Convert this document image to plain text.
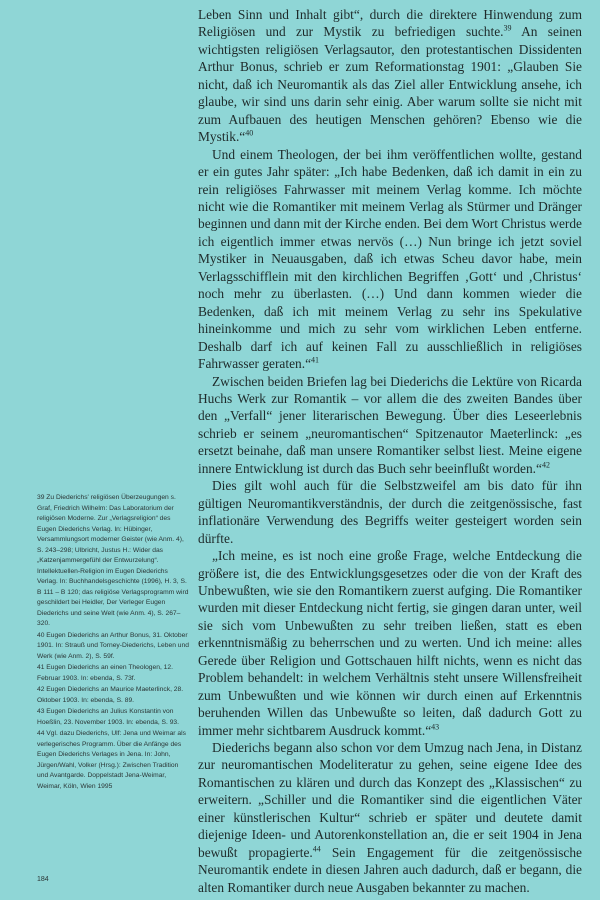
Leben Sinn und Inhalt gibt“, durch die direktere Hinwendung zum Religiösen und zur Mystik zu befriedigen suchte.$^{39}$ An seinen wichtigsten religiösen Verlagsautor, den protestantischen Dissidenten Arthur Bonus, schrieb er zum Reformationstag 1901: „Glauben Sie nicht, daß ich Neuromantik als das Ziel aller Entwicklung ansehe, ich glaube, wir sind uns darin sehr einig. Aber warum sollte sie nicht mit zum Aufbauen des heutigen Menschen gehören? Ebenso wie die Mystik.“$^{40}$

Und einem Theologen, der bei ihm veröffentlichen wollte, gestand er ein gutes Jahr später: „Ich habe Bedenken, daß ich damit in ein zu rein religiöses Fahrwasser mit meinem Verlag komme. Ich möchte nicht wie die Romantiker mit meinem Verlag als Stürmer und Dränger beginnen und dann mit der Kirche enden. Bei dem Wort Christus werde ich eigentlich immer etwas nervös (…) Nun bringe ich jetzt soviel Mystiker in Neuausgaben, daß ich etwas Scheu davor habe, mein Verlagsschifflein mit den kirchlichen Begriffen ‚Gott‘ und ‚Christus‘ noch mehr zu überlasten. (…) Und dann kommen wieder die Bedenken, daß ich mit meinem Verlag zu sehr ins Spekulative hineinkomme und mich zu sehr vom wirklichen Leben entferne. Deshalb darf ich auf keinen Fall zu ausschließlich in religiöses Fahrwasser geraten.“$^{41}$

Zwischen beiden Briefen lag bei Diederichs die Lektüre von Ricarda Huchs Werk zur Romantik – vor allem die des zweiten Bandes über den „Verfall“ jener literarischen Bewegung. Über dies Leseerlebnis schrieb er seinem „neuromantischen“ Spitzenautor Maeterlinck: „es ersetzt beinahe, daß man unsere Romantiker selbst liest. Meine eigene innere Entwicklung ist durch das Buch sehr beeinflußt worden.“$^{42}$

Dies gilt wohl auch für die Selbstzweifel am bis dato für ihn gültigen Neuromantikverständnis, der durch die zeitgenössische, fast inflationäre Verwendung des Begriffs weiter gesteigert worden sein dürfte.

„Ich meine, es ist noch eine große Frage, welche Entdeckung die größere ist, die des Entwicklungsgesetzes oder die von der Kraft des Unbewußten, wie sie den Romantikern zuerst aufging. Die Romantiker wurden mit dieser Entdeckung nicht fertig, sie gingen daran unter, weil sie sich vom Unbewußten zu sehr treiben ließen, statt es eben erkenntnismäßig zu beherrschen und zu werten. Und ich meine: alles Gerede über Religion und Gottschauen hilft nichts, wenn es nicht das Problem behandelt: in welchem Verhältnis steht unsere Willensfreiheit zum Unbewußten und wie können wir durch einen auf Erkenntnis beruhenden Willen das Unbewußte so leiten, daß dadurch Gott zu immer mehr sichtbarem Ausdruck kommt.“$^{43}$

Diederichs begann also schon vor dem Umzug nach Jena, in Distanz zur neuromantischen Modeliteratur zu gehen, seine eigene Idee des Romantischen zu klären und durch das Konzept des „Klassischen“ zu erweitern. „Schiller und die Romantiker sind die eigentlichen Väter einer künstlerischen Kultur“ schrieb er später und deutete damit diejenige Ideen- und Autorenkonstellation an, die er seit 1904 in Jena bewußt propagierte.$^{44}$ Sein Engagement für die zeitgenössische Neuromantik endete in diesen Jahren auch dadurch, daß er begann, die alten Romantiker durch neue Ausgaben bekannter zu machen.

39 Zu Diederichs' religiösen Überzeugungen s. Graf, Friedrich Wilhelm: Das Laboratorium der religiösen Moderne. Zur „Verlagsreligion“ des Eugen Diederichs Verlag. In: Hübinger, Versammlungsort moderner Geister (wie Anm. 4), S. 243–298; Ulbricht, Justus H.: Wider das „Katzenjammergefühl der Entwurzelung“. Intellektuellen-Religion im Eugen Diederichs Verlag. In: Buchhandelsgeschichte (1996), H. 3, S. B 111 – B 120; das religiöse Verlagsprogramm wird geschildert bei Heidler, Der Verleger Eugen Diederichs und seine Welt (wie Anm. 4), S. 267–320.

40 Eugen Diederichs an Arthur Bonus, 31. Oktober 1901. In: Strauß und Torney-Diederichs, Leben und Werk (wie Anm. 2), S. 59f.

41 Eugen Diederichs an einen Theologen, 12. Februar 1903. In: ebenda, S. 73f.

42 Eugen Diederichs an Maurice Maeterlinck, 28. Oktober 1903. In: ebenda, S. 89.

43 Eugen Diederichs an Julius Konstantin von Hoeßlin, 23. November 1903. In: ebenda, S. 93.

44 Vgl. dazu Diederichs, Ulf: Jena und Weimar als verlegerisches Programm. Über die Anfänge des Eugen Diederichs Verlages in Jena. In: John, Jürgen/Wahl, Volker (Hrsg.): Zwischen Tradition und Avantgarde. Doppelstadt Jena-Weimar, Weimar, Köln, Wien 1995

184
